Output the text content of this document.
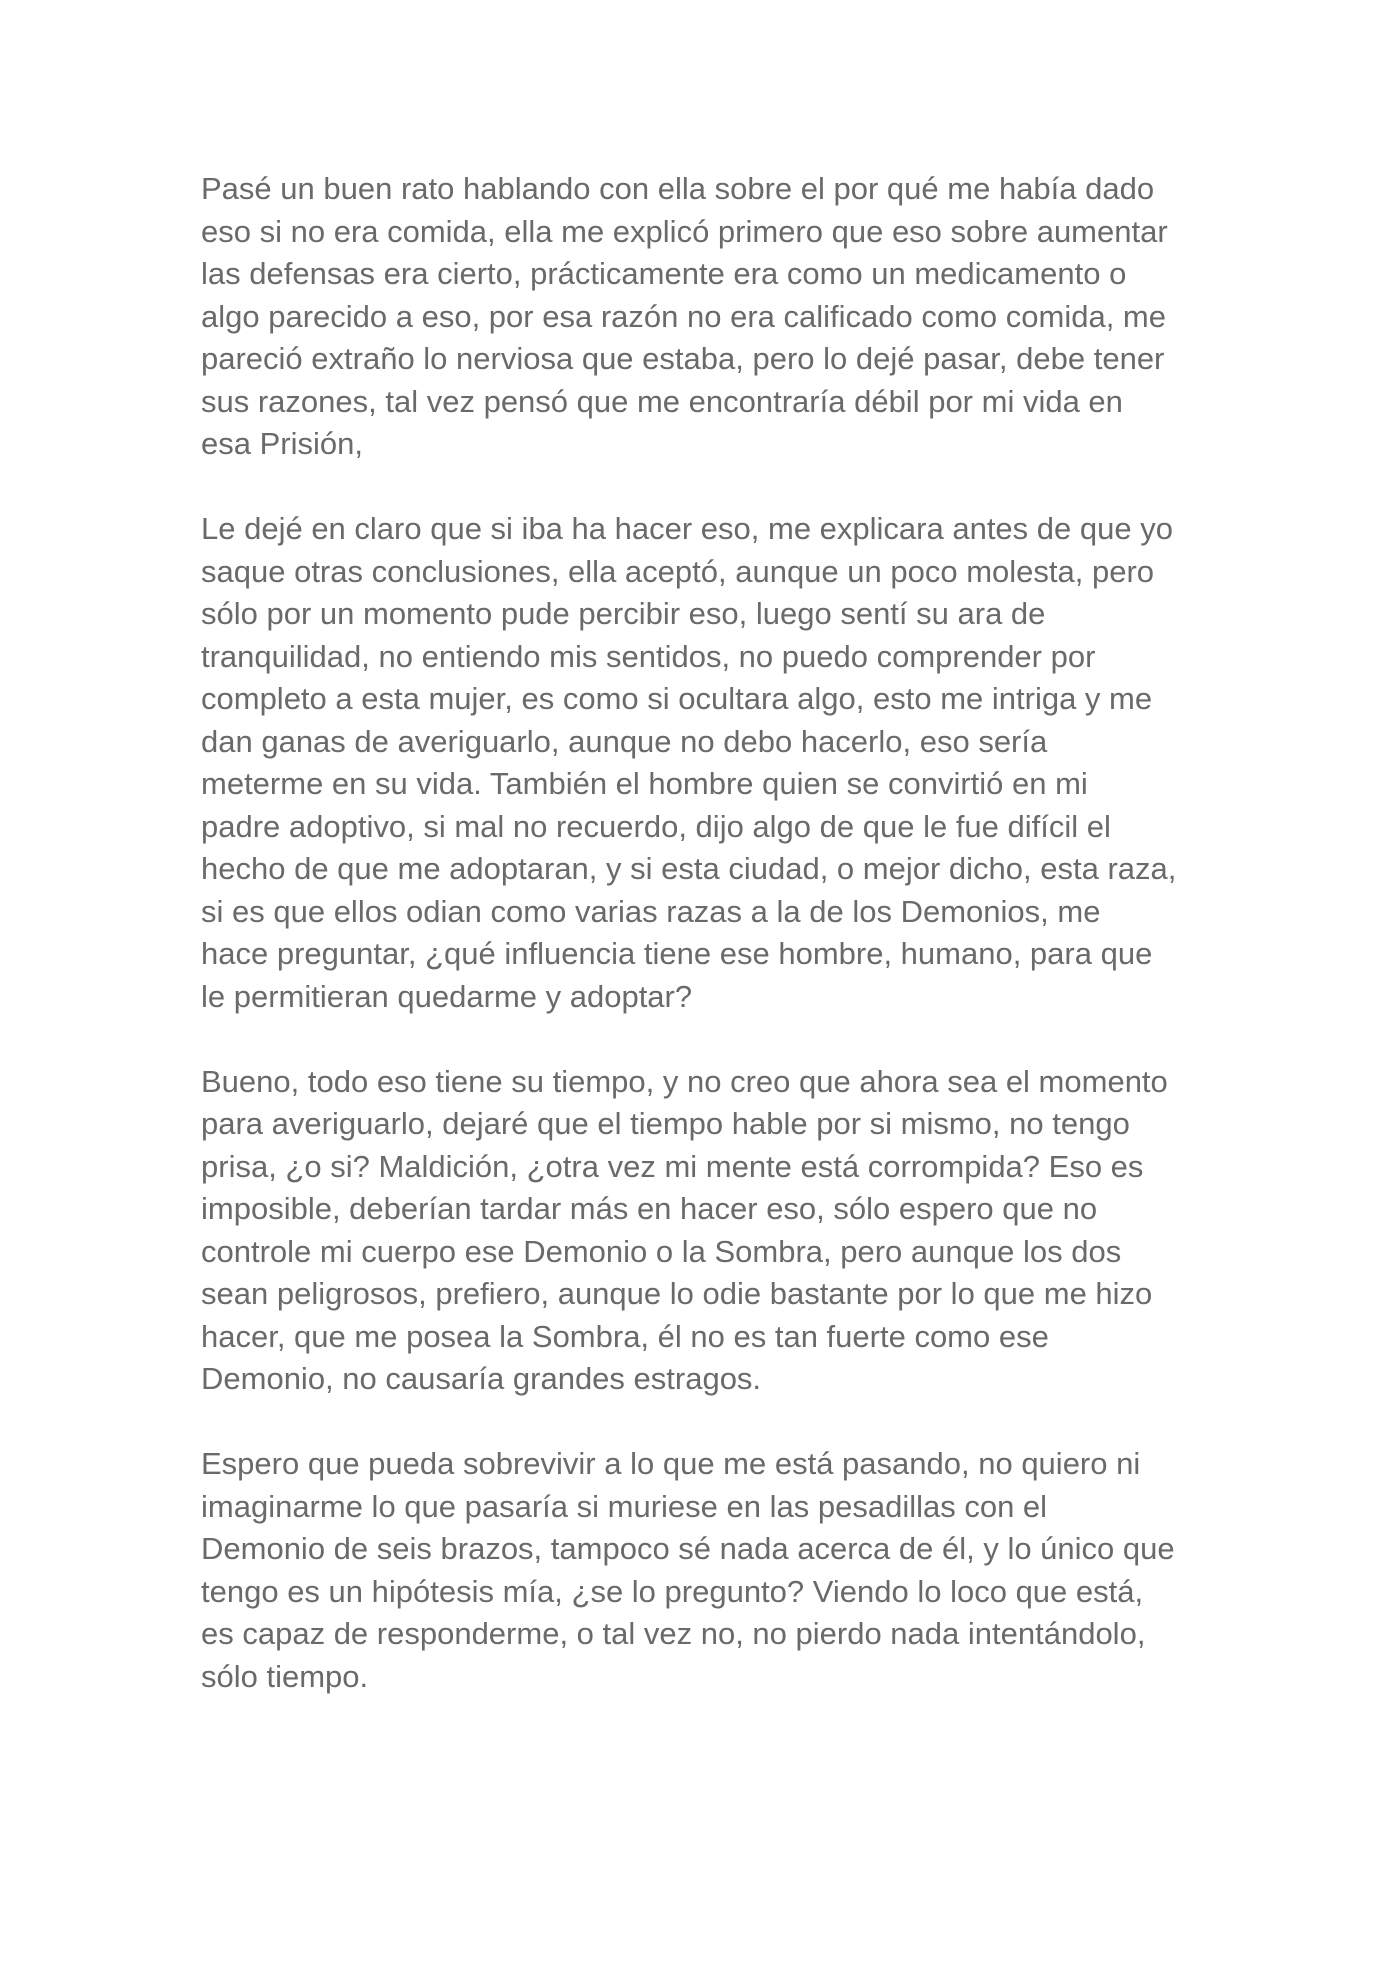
Pasé un buen rato hablando con ella sobre el por qué me había dado
eso si no era comida, ella me explicó primero que eso sobre aumentar
las defensas era cierto, prácticamente era como un medicamento o
algo parecido a eso, por esa razón no era calificado como comida, me
pareció extraño lo nerviosa que estaba, pero lo dejé pasar, debe tener
sus razones, tal vez pensó que me encontraría débil por mi vida en
esa Prisión,
Le dejé en claro que si iba ha hacer eso, me explicara antes de que yo
saque otras conclusiones, ella aceptó, aunque un poco molesta, pero
sólo por un momento pude percibir eso, luego sentí su ara de
tranquilidad, no entiendo mis sentidos, no puedo comprender por
completo a esta mujer, es como si ocultara algo, esto me intriga y me
dan ganas de averiguarlo, aunque no debo hacerlo, eso sería
meterme en su vida. También el hombre quien se convirtió en mi
padre adoptivo, si mal no recuerdo, dijo algo de que le fue difícil el
hecho de que me adoptaran, y si esta ciudad, o mejor dicho, esta raza,
si es que ellos odian como varias razas a la de los Demonios, me
hace preguntar, ¿qué influencia tiene ese hombre, humano, para que
le permitieran quedarme y adoptar?
Bueno, todo eso tiene su tiempo, y no creo que ahora sea el momento
para averiguarlo, dejaré que el tiempo hable por si mismo, no tengo
prisa, ¿o si? Maldición, ¿otra vez mi mente está corrompida? Eso es
imposible, deberían tardar más en hacer eso, sólo espero que no
controle mi cuerpo ese Demonio o la Sombra, pero aunque los dos
sean peligrosos, prefiero, aunque lo odie bastante por lo que me hizo
hacer, que me posea la Sombra, él no es tan fuerte como ese
Demonio, no causaría grandes estragos.
Espero que pueda sobrevivir a lo que me está pasando, no quiero ni
imaginarme lo que pasaría si muriese en las pesadillas con el
Demonio de seis brazos, tampoco sé nada acerca de él, y lo único que
tengo es un hipótesis mía, ¿se lo pregunto? Viendo lo loco que está,
es capaz de responderme, o tal vez no, no pierdo nada intentándolo,
sólo tiempo.
